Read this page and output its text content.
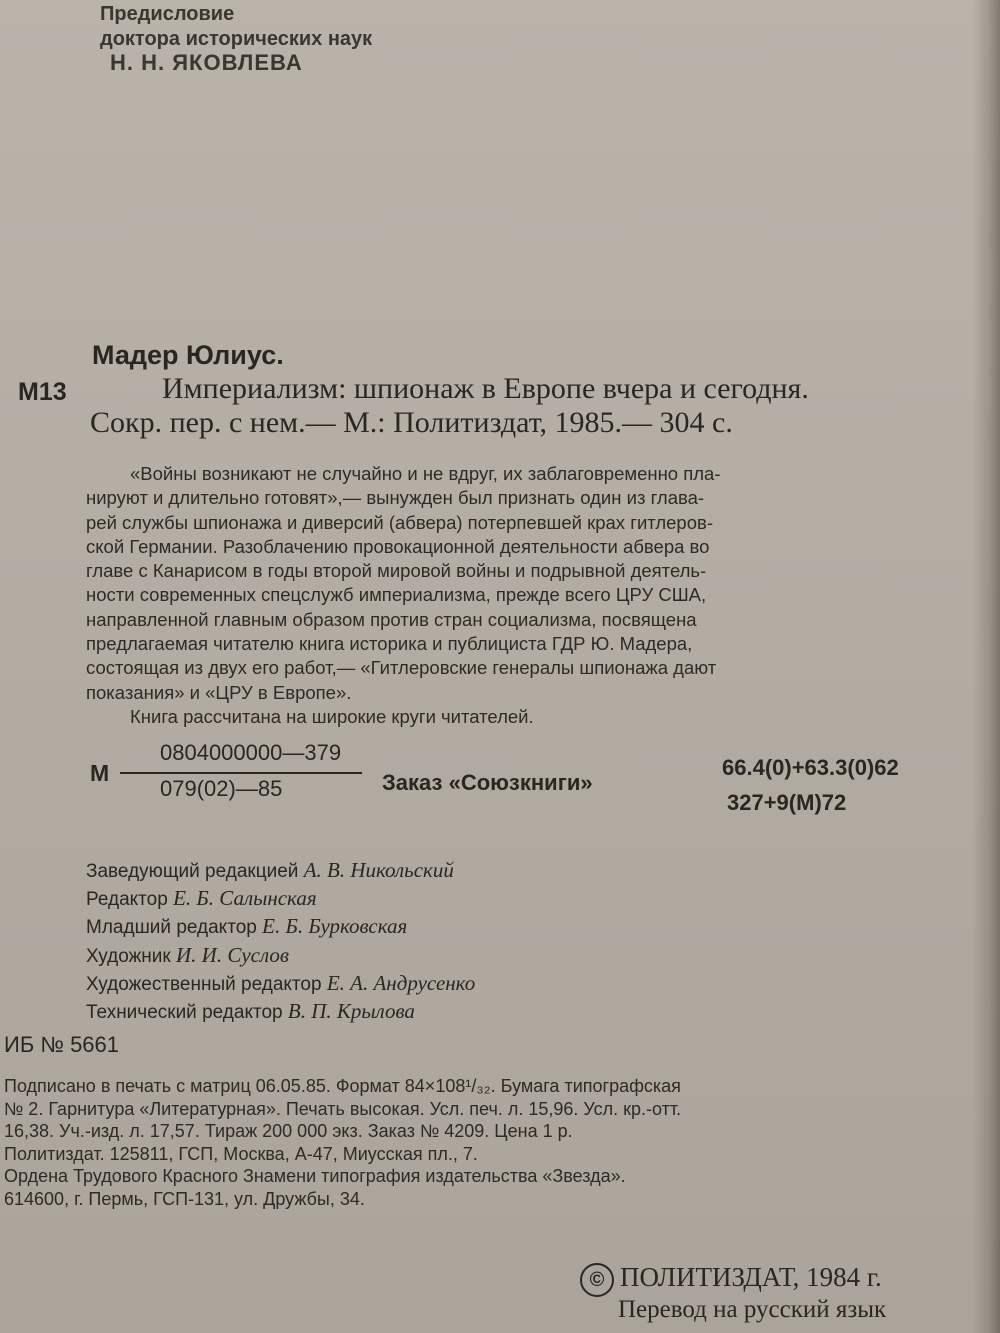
Предисловие
доктора исторических наук
Н. Н. ЯКОВЛЕВА
Мадер Юлиус.
М13	Империализм: шпионаж в Европе вчера и сегодня.
Сокр. пер. с нем.— М.: Политиздат, 1985.— 304 с.
«Войны возникают не случайно и не вдруг, их заблаговременно пла-
нируют и длительно готовят»,— вынужден был признать один из глава-
рей службы шпионажа и диверсий (абвера) потерпевшей крах гитлеров-
ской Германии. Разоблачению провокационной деятельности абвера во
главе с Канарисом в годы второй мировой войны и подрывной деятель-
ности современных спецслужб империализма, прежде всего ЦРУ США,
направленной главным образом против стран социализма, посвящена
предлагаемая читателю книга историка и публициста ГДР Ю. Мадера,
состоящая из двух его работ,— «Гитлеровские генералы шпионажа дают
показания» и «ЦРУ в Европе».
Книга рассчитана на широкие круги читателей.
М
0804000000—379
079(02)—85	Заказ «Союзкниги»
66.4(0)+63.3(0)62
327+9(М)72
Заведующий редакцией А. В. Никольский
Редактор Е. Б. Салынская
Младший редактор Е. Б. Бурковская
Художник И. И. Суслов
Художественный редактор Е. А. Андрусенко
Технический редактор В. П. Крылова
ИБ № 5661
Подписано в печать с матриц 06.05.85. Формат 84×108¹/₃₂. Бумага типографская
№ 2. Гарнитура «Литературная». Печать высокая. Усл. печ. л. 15,96. Усл. кр.-отт.
16,38. Уч.-изд. л. 17,57. Тираж 200 000 экз. Заказ № 4209. Цена 1 р.
Политиздат. 125811, ГСП, Москва, А-47, Миусская пл., 7.
Ордена Трудового Красного Знамени типография издательства «Звезда».
614600, г. Пермь, ГСП-131, ул. Дружбы, 34.
© ПОЛИТИЗДАТ, 1984 г.
Перевод на русский язык
